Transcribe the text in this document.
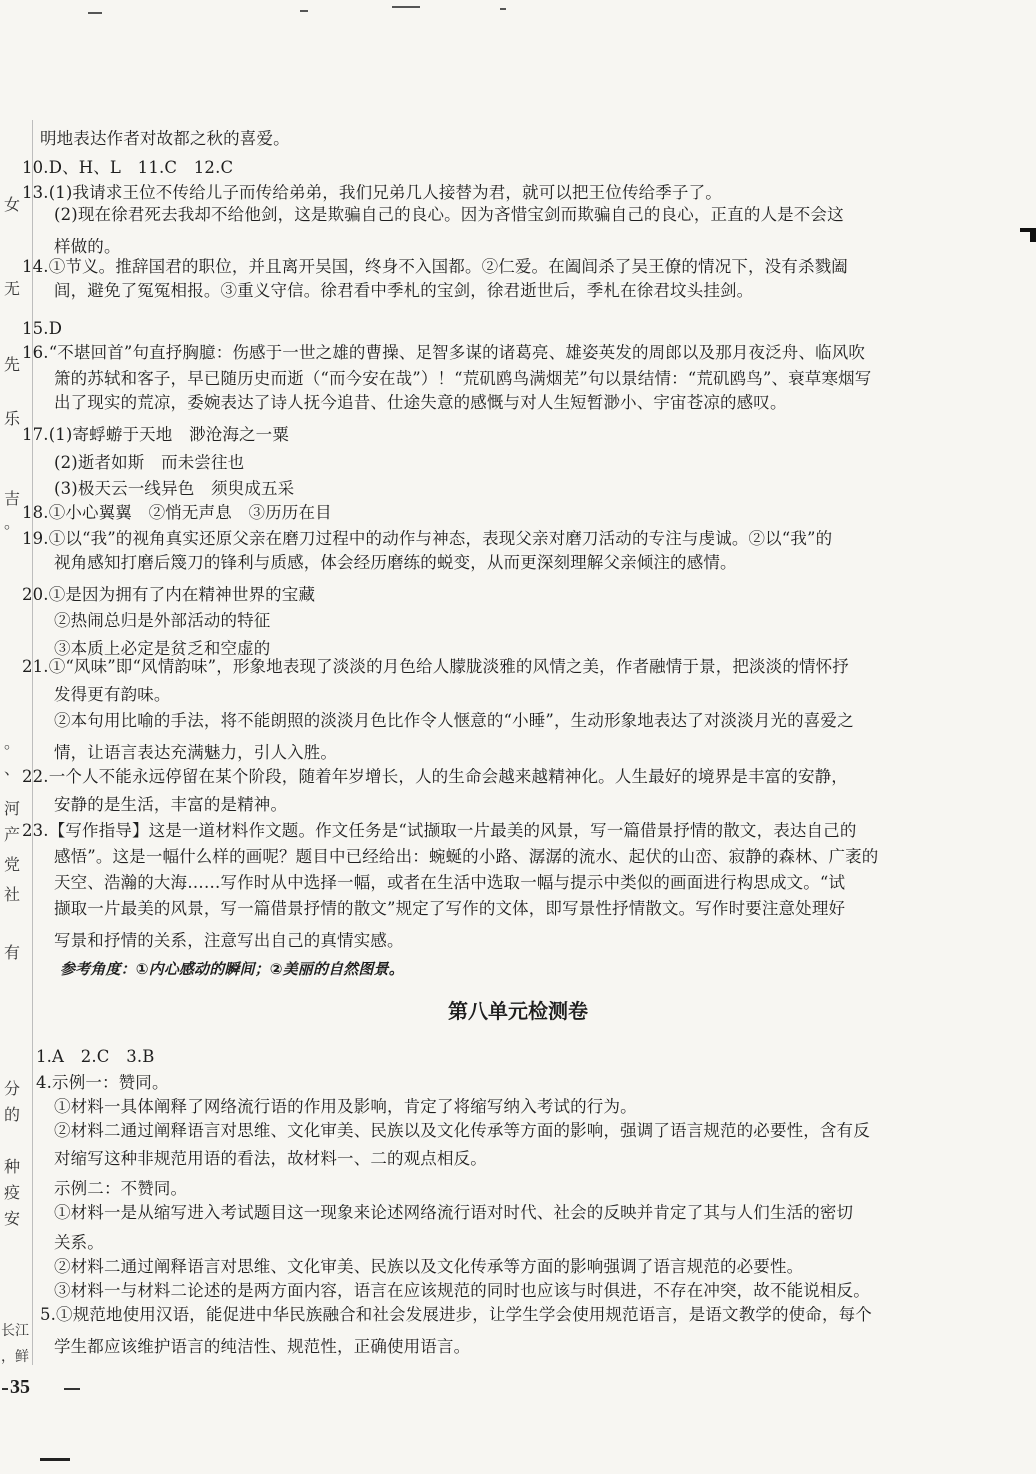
女
无
先
乐
吉
。
。
、
河
产
党
社
有
分
的
种
疫
安
长江
，鲜
明地表达作者对故都之秋的喜爱。
10.D、H、L　11.C　12.C
13.(1)我请求王位不传给儿子而传给弟弟，我们兄弟几人接替为君，就可以把王位传给季子了。
(2)现在徐君死去我却不给他剑，这是欺骗自己的良心。因为吝惜宝剑而欺骗自己的良心，正直的人是不会这
样做的。
14.①节义。推辞国君的职位，并且离开吴国，终身不入国都。②仁爱。在阖闾杀了吴王僚的情况下，没有杀戮阖
闾，避免了冤冤相报。③重义守信。徐君看中季札的宝剑，徐君逝世后，季札在徐君坟头挂剑。
15.D
16.“不堪回首”句直抒胸臆：伤感于一世之雄的曹操、足智多谋的诸葛亮、雄姿英发的周郎以及那月夜泛舟、临风吹
箫的苏轼和客子，早已随历史而逝（“而今安在哉”）！“荒矶鸥鸟满烟芜”句以景结情：“荒矶鸥鸟”、衰草寒烟写
出了现实的荒凉，委婉表达了诗人抚今追昔、仕途失意的感慨与对人生短暂渺小、宇宙苍凉的感叹。
17.(1)寄蜉蝣于天地　渺沧海之一粟
(2)逝者如斯　而未尝往也
(3)极天云一线异色　须臾成五采
18.①小心翼翼　②悄无声息　③历历在目
19.①以“我”的视角真实还原父亲在磨刀过程中的动作与神态，表现父亲对磨刀活动的专注与虔诚。②以“我”的
视角感知打磨后篾刀的锋利与质感，体会经历磨练的蜕变，从而更深刻理解父亲倾注的感情。
20.①是因为拥有了内在精神世界的宝藏
②热闹总归是外部活动的特征
③本质上必定是贫乏和空虚的
21.①“风味”即“风情韵味”，形象地表现了淡淡的月色给人朦胧淡雅的风情之美，作者融情于景，把淡淡的情怀抒
发得更有韵味。
②本句用比喻的手法，将不能朗照的淡淡月色比作令人惬意的“小睡”，生动形象地表达了对淡淡月光的喜爱之
情，让语言表达充满魅力，引人入胜。
22.一个人不能永远停留在某个阶段，随着年岁增长，人的生命会越来越精神化。人生最好的境界是丰富的安静，
安静的是生活，丰富的是精神。
23.【写作指导】这是一道材料作文题。作文任务是“试撷取一片最美的风景，写一篇借景抒情的散文，表达自己的
感悟”。这是一幅什么样的画呢？题目中已经给出：蜿蜒的小路、潺潺的流水、起伏的山峦、寂静的森林、广袤的
天空、浩瀚的大海……写作时从中选择一幅，或者在生活中选取一幅与提示中类似的画面进行构思成文。“试
撷取一片最美的风景，写一篇借景抒情的散文”规定了写作的文体，即写景性抒情散文。写作时要注意处理好
写景和抒情的关系，注意写出自己的真情实感。
参考角度：①内心感动的瞬间；②美丽的自然图景。
1.A　2.C　3.B
4.示例一：赞同。
①材料一具体阐释了网络流行语的作用及影响，肯定了将缩写纳入考试的行为。
②材料二通过阐释语言对思维、文化审美、民族以及文化传承等方面的影响，强调了语言规范的必要性，含有反
对缩写这种非规范用语的看法，故材料一、二的观点相反。
示例二：不赞同。
①材料一是从缩写进入考试题目这一现象来论述网络流行语对时代、社会的反映并肯定了其与人们生活的密切
关系。
②材料二通过阐释语言对思维、文化审美、民族以及文化传承等方面的影响强调了语言规范的必要性。
③材料一与材料二论述的是两方面内容，语言在应该规范的同时也应该与时俱进，不存在冲突，故不能说相反。
5.①规范地使用汉语，能促进中华民族融合和社会发展进步，让学生学会使用规范语言，是语文教学的使命，每个
学生都应该维护语言的纯洁性、规范性，正确使用语言。
第八单元检测卷
35
